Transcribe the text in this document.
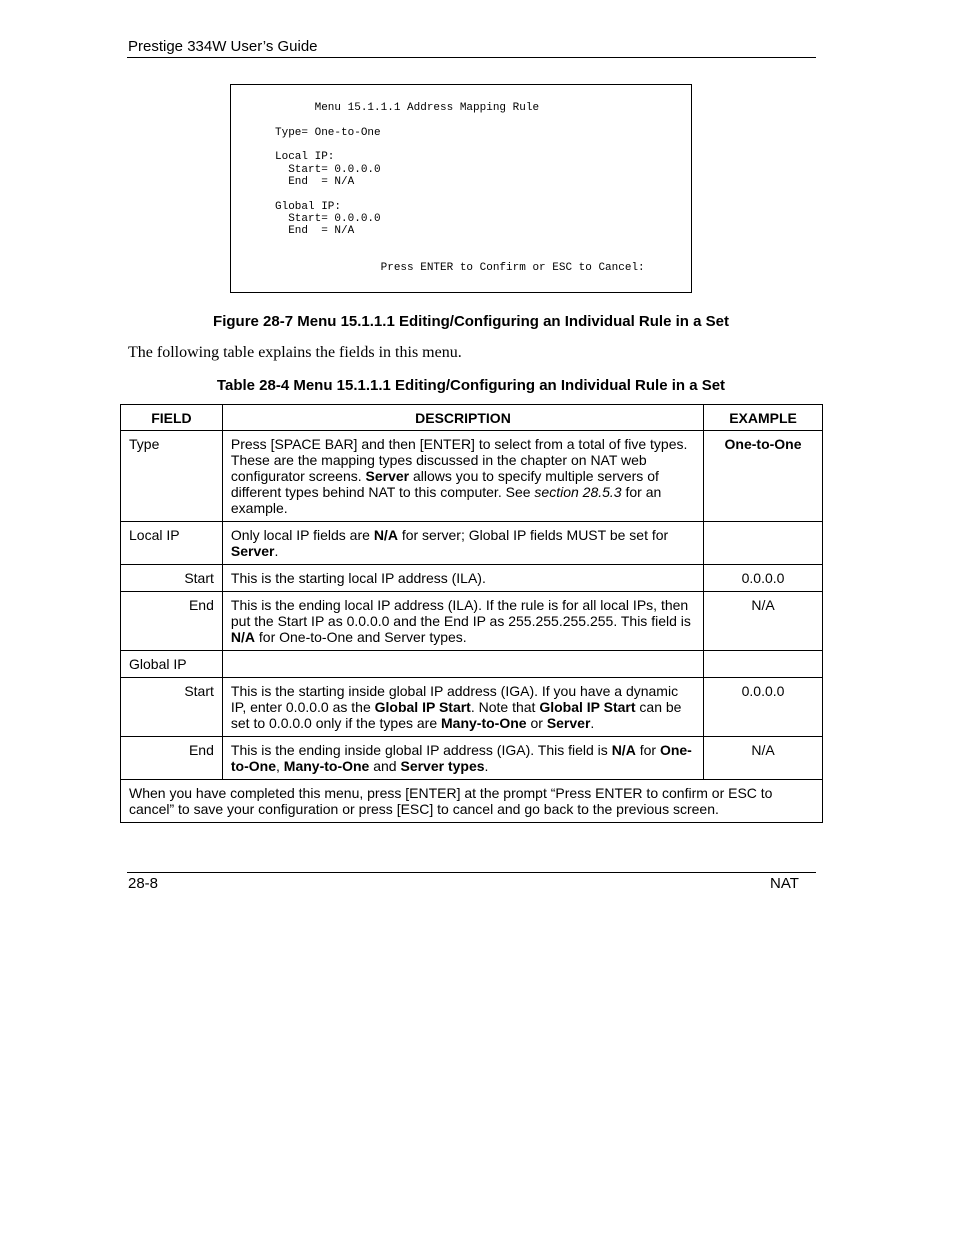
Prestige 334W User’s Guide
Menu 15.1.1.1 Address Mapping Rule

Type= One-to-One

Local IP:
Start= 0.0.0.0
End  = N/A

Global IP:
Start= 0.0.0.0
End  = N/A

Press ENTER to Confirm or ESC to Cancel:
Figure 28-7 Menu 15.1.1.1 Editing/Configuring an Individual Rule in a Set
The following table explains the fields in this menu.
Table 28-4 Menu 15.1.1.1 Editing/Configuring an Individual Rule in a Set
FIELD	DESCRIPTION	EXAMPLE
Type	Press [SPACE BAR] and then [ENTER] to select from a total of five types. These are the mapping types discussed in the chapter on NAT web configurator screens. Server allows you to specify multiple servers of different types behind NAT to this computer. See section 28.5.3 for an example.	One-to-One
Local IP	Only local IP fields are N/A for server; Global IP fields MUST be set for Server.	
Start	This is the starting local IP address (ILA).	0.0.0.0
End	This is the ending local IP address (ILA). If the rule is for all local IPs, then put the Start IP as 0.0.0.0 and the End IP as 255.255.255.255. This field is N/A for One-to-One and Server types.	N/A
Global IP		
Start	This is the starting inside global IP address (IGA). If you have a dynamic IP, enter 0.0.0.0 as the Global IP Start. Note that Global IP Start can be set to 0.0.0.0 only if the types are Many-to-One or Server.	0.0.0.0
End	This is the ending inside global IP address (IGA). This field is N/A for One-to-One, Many-to-One and Server types.	N/A
When you have completed this menu, press [ENTER] at the prompt “Press ENTER to confirm or ESC to cancel” to save your configuration or press [ESC] to cancel and go back to the previous screen.		
28-8	NAT
